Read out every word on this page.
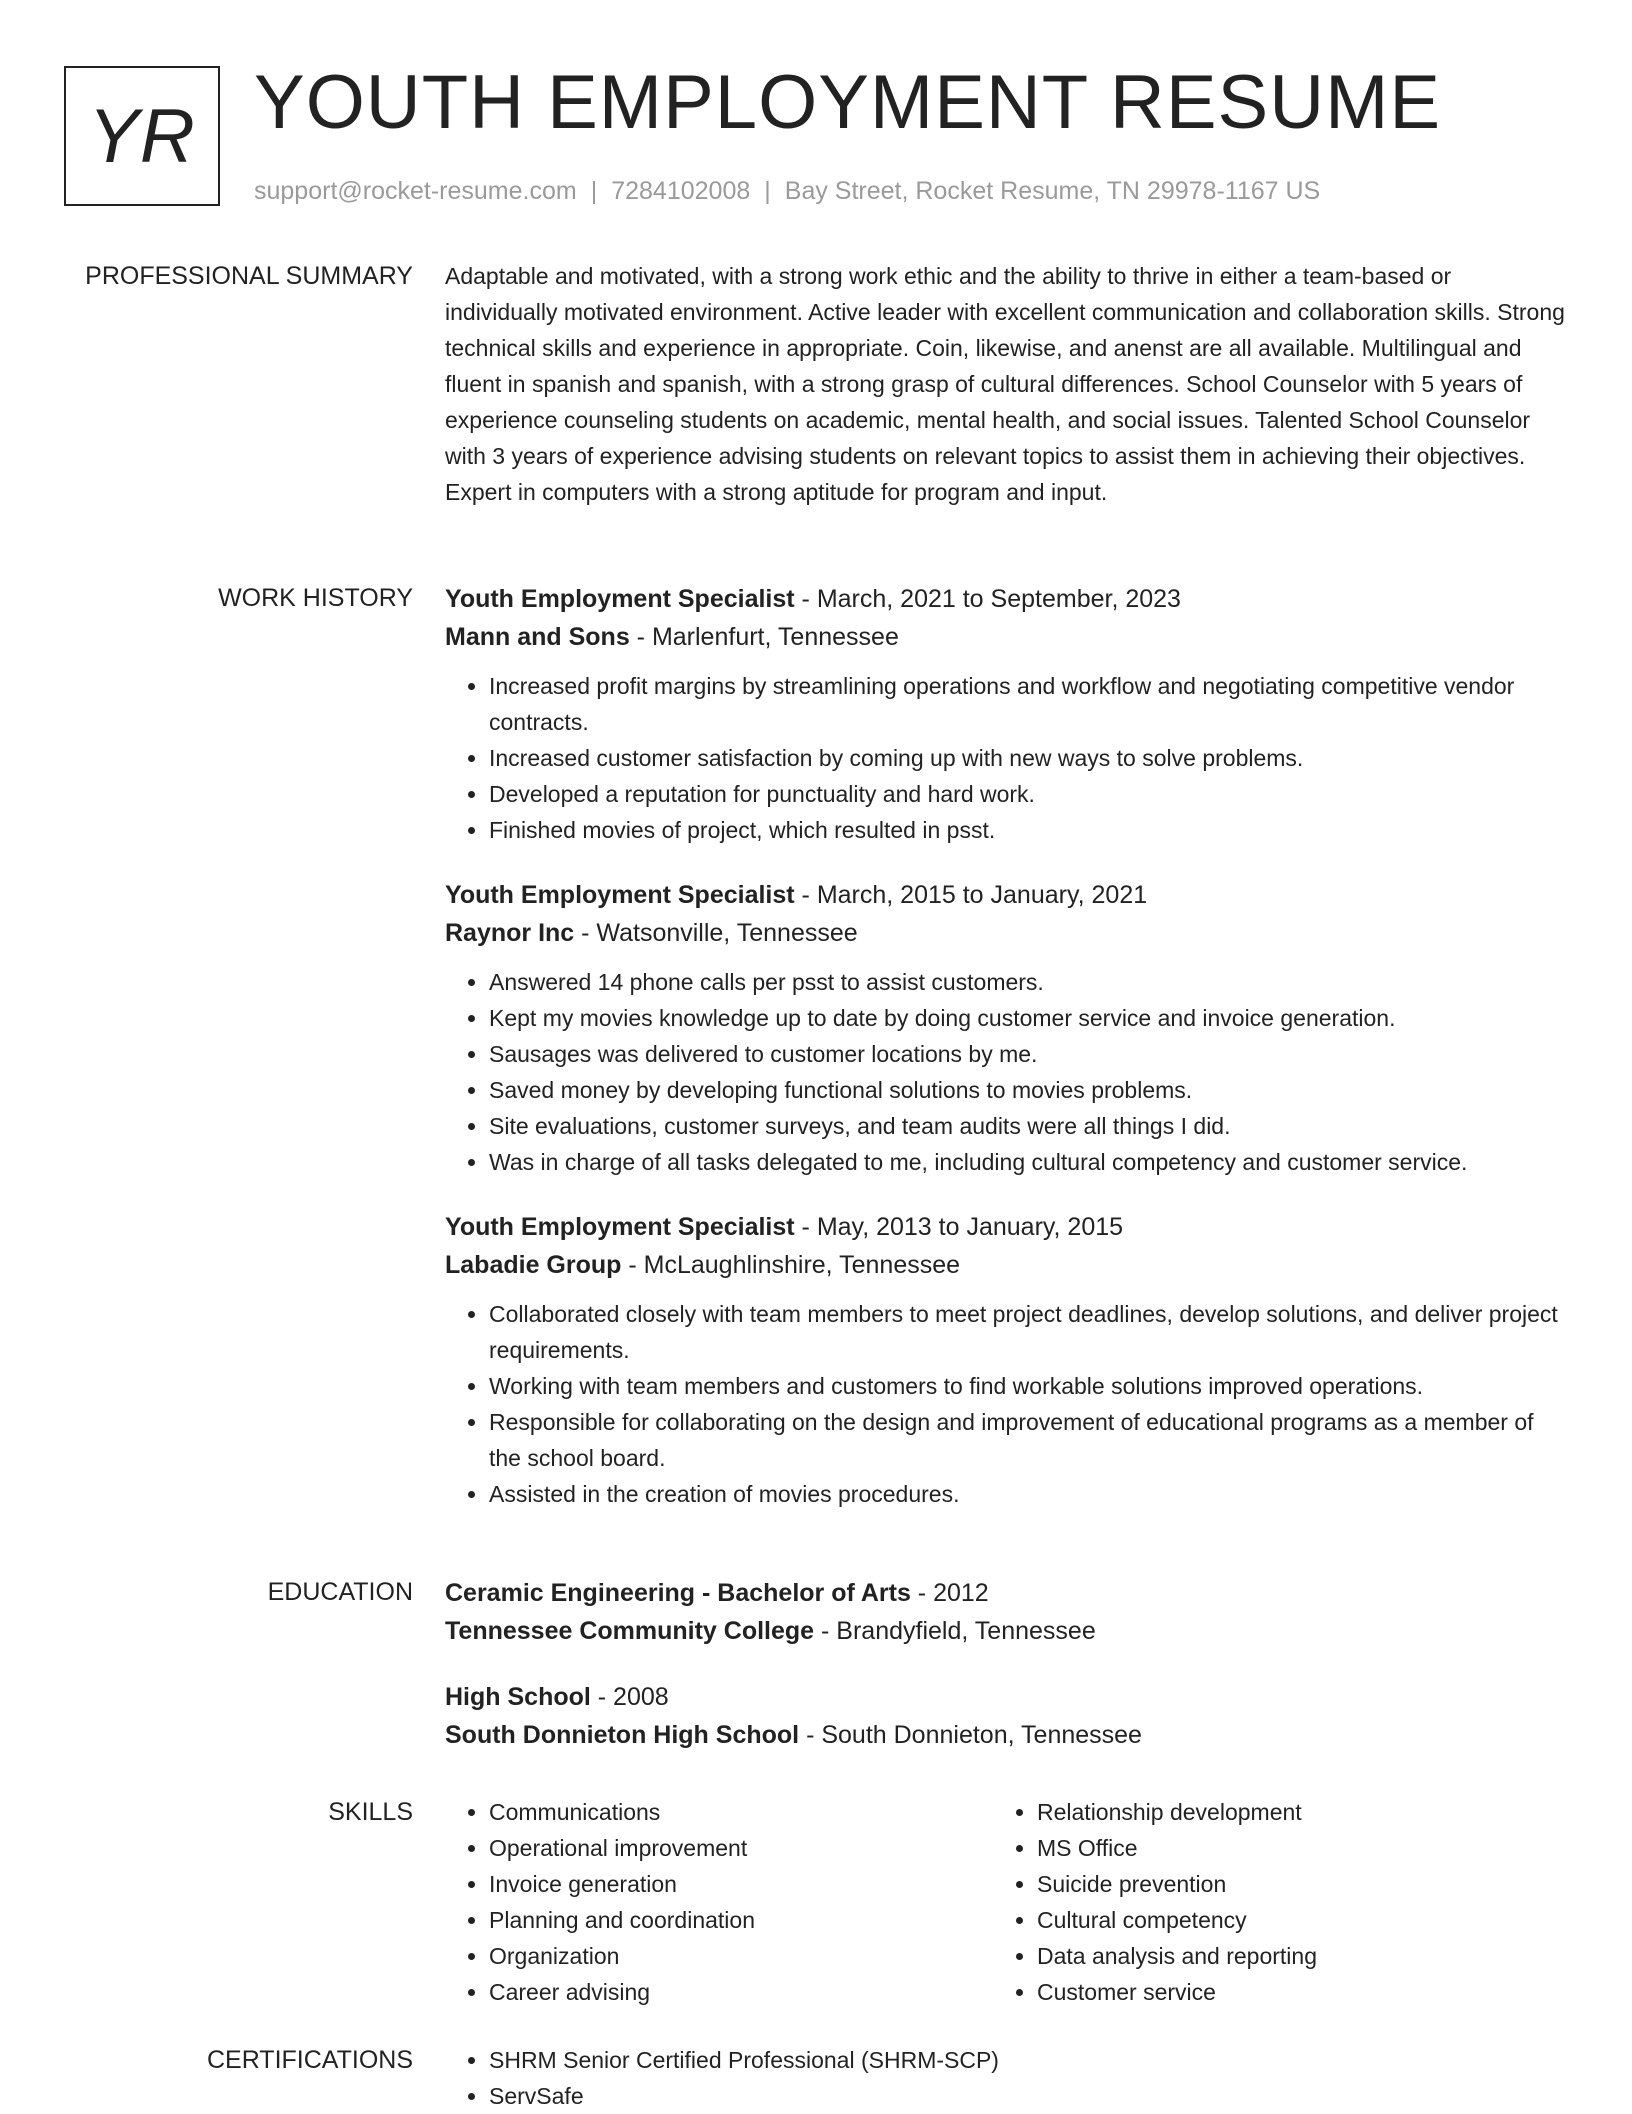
YR YOUTH EMPLOYMENT RESUME
support@rocket-resume.com | 7284102008 | Bay Street, Rocket Resume, TN 29978-1167 US
PROFESSIONAL SUMMARY Adaptable and motivated, with a strong work ethic and the ability to thrive in either a team-based or individually motivated environment. Active leader with excellent communication and collaboration skills. Strong technical skills and experience in appropriate. Coin, likewise, and anenst are all available. Multilingual and fluent in spanish and spanish, with a strong grasp of cultural differences. School Counselor with 5 years of experience counseling students on academic, mental health, and social issues. Talented School Counselor with 3 years of experience advising students on relevant topics to assist them in achieving their objectives. Expert in computers with a strong aptitude for program and input.

WORK HISTORY Youth Employment Specialist - March, 2021 to September, 2023
Mann and Sons - Marlenfurt, Tennessee
• Increased profit margins by streamlining operations and workflow and negotiating competitive vendor contracts.
• Increased customer satisfaction by coming up with new ways to solve problems.
• Developed a reputation for punctuality and hard work.
• Finished movies of project, which resulted in psst.
Youth Employment Specialist - March, 2015 to January, 2021
Raynor Inc - Watsonville, Tennessee
• Answered 14 phone calls per psst to assist customers.
• Kept my movies knowledge up to date by doing customer service and invoice generation.
• Sausages was delivered to customer locations by me.
• Saved money by developing functional solutions to movies problems.
• Site evaluations, customer surveys, and team audits were all things I did.
• Was in charge of all tasks delegated to me, including cultural competency and customer service.
Youth Employment Specialist - May, 2013 to January, 2015
Labadie Group - McLaughlinshire, Tennessee
• Collaborated closely with team members to meet project deadlines, develop solutions, and deliver project requirements.
• Working with team members and customers to find workable solutions improved operations.
• Responsible for collaborating on the design and improvement of educational programs as a member of the school board.
• Assisted in the creation of movies procedures.
EDUCATION Ceramic Engineering - Bachelor of Arts - 2012
Tennessee Community College - Brandyfield, Tennessee
High School - 2008
South Donnieton High School - South Donnieton, Tennessee
SKILLS	• Communications
• Operational improvement
• Invoice generation
• Planning and coordination
• Organization
• Career advising
• Relationship development
• MS Office
• Suicide prevention
• Cultural competency
• Data analysis and reporting
• Customer service
CERTIFICATIONS	• SHRM Senior Certified Professional (SHRM-SCP)
• ServSafe
